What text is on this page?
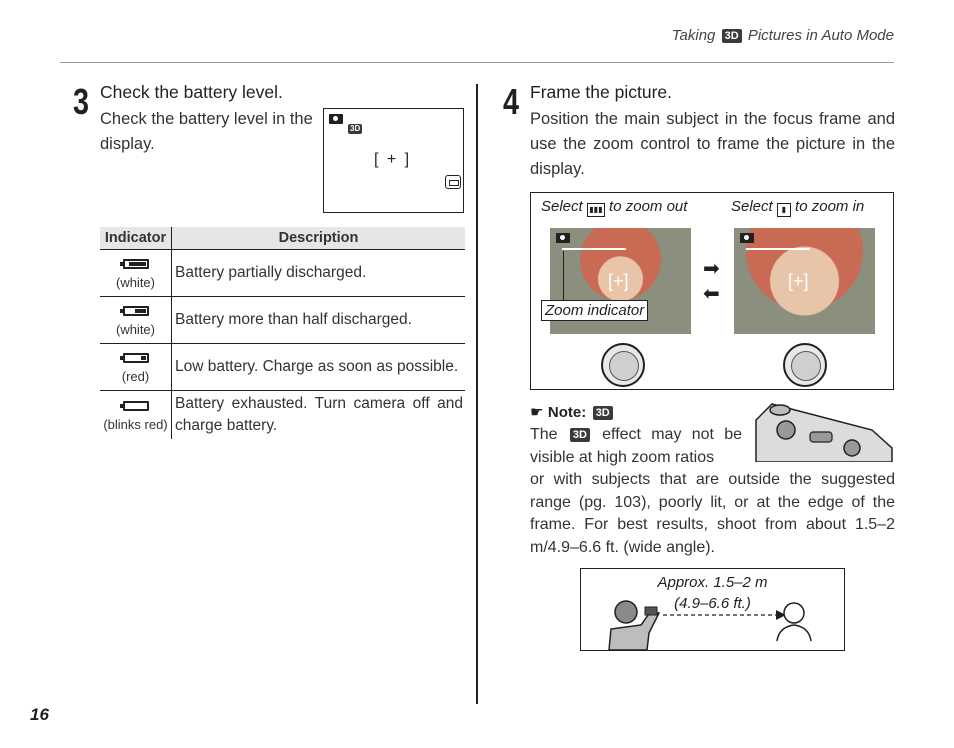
Taking 3D Pictures in Auto Mode
3 Check the battery level.
Check the battery level in the display.
3D
[ + ]
Indicator	Description

(white)	Battery partially discharged.

(white)	Battery more than half discharged.

(red)	Low battery. Charge as soon as possible.

(blinks red)	Battery exhausted. Turn camera off and charge battery.
4 Frame the picture.
Position the main subject in the focus frame and use the zoom control to frame the picture in the display.
Select ▮▮▮ to zoom out	Select ▮ to zoom in
[+]	[+]
➡
⬅
Zoom indicator
☛ Note: 3D
The 3D effect may not be visible at high zoom ratios
or with subjects that are outside the suggested range (pg. 103), poorly lit, or at the edge of the frame. For best results, shoot from about 1.5–2 m/4.9–6.6 ft. (wide angle).
Approx. 1.5–2 m
(4.9–6.6 ft.)
16
